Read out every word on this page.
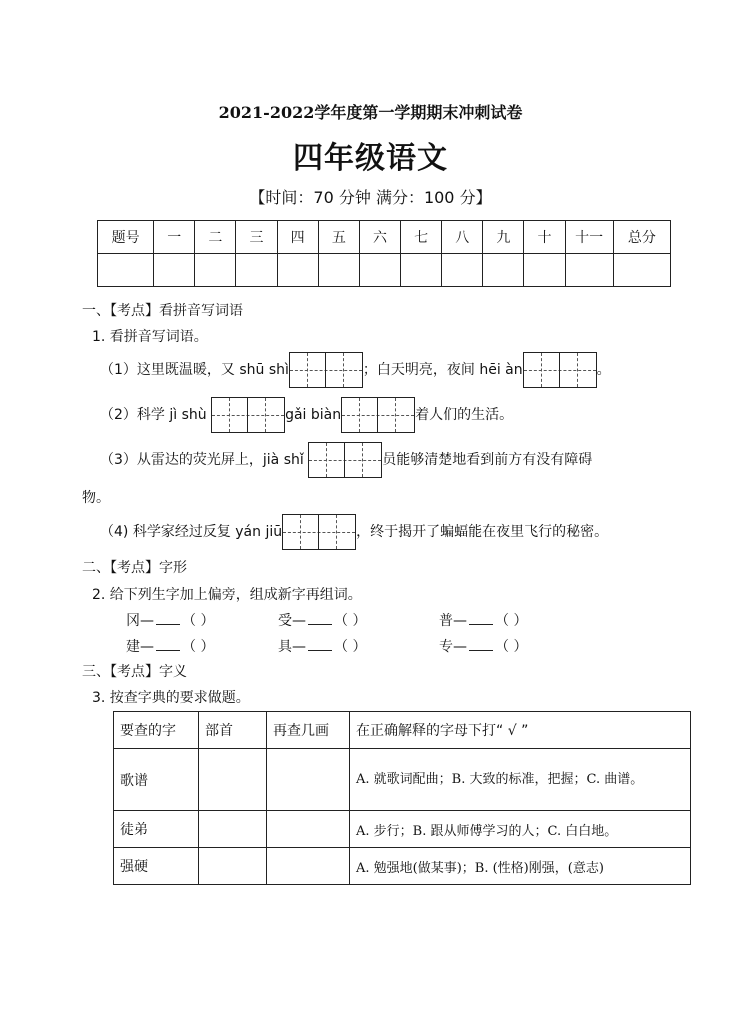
2021-2022学年度第一学期期末冲刺试卷
四年级语文
【时间：70 分钟 满分：100 分】
题号	一	二	三	四	五	六	七	八	九	十	十一	总分

一、【考点】看拼音写词语
1. 看拼音写词语。
（1）这里既温暖，又 shū shì	；白天明亮，夜间 hēi àn	。
（2）科学 jì shù	gǎi biàn	着人们的生活。
（3）从雷达的荧光屏上，jià shǐ	员能够清楚地看到前方有没有障碍
物。
（4) 科学家经过反复 yán jiū	，终于揭开了蝙蝠能在夜里飞行的秘密。
二、【考点】字形
2. 给下列生字加上偏旁，组成新字再组词。
冈— （ ）	受— （ ）	普— （ ）
建— （ ）	具— （ ）	专— （ ）
三、【考点】字义
3. 按查字典的要求做题。
要查的字	部首	再查几画	在正确解释的字母下打“ √ ”
歌谱			A. 就歌词配曲；B. 大致的标准，把握；C. 曲谱。
徒弟			A. 步行；B. 跟从师傅学习的人；C. 白白地。
强硬			A. 勉强地(做某事)；B. (性格)刚强，(意志)
